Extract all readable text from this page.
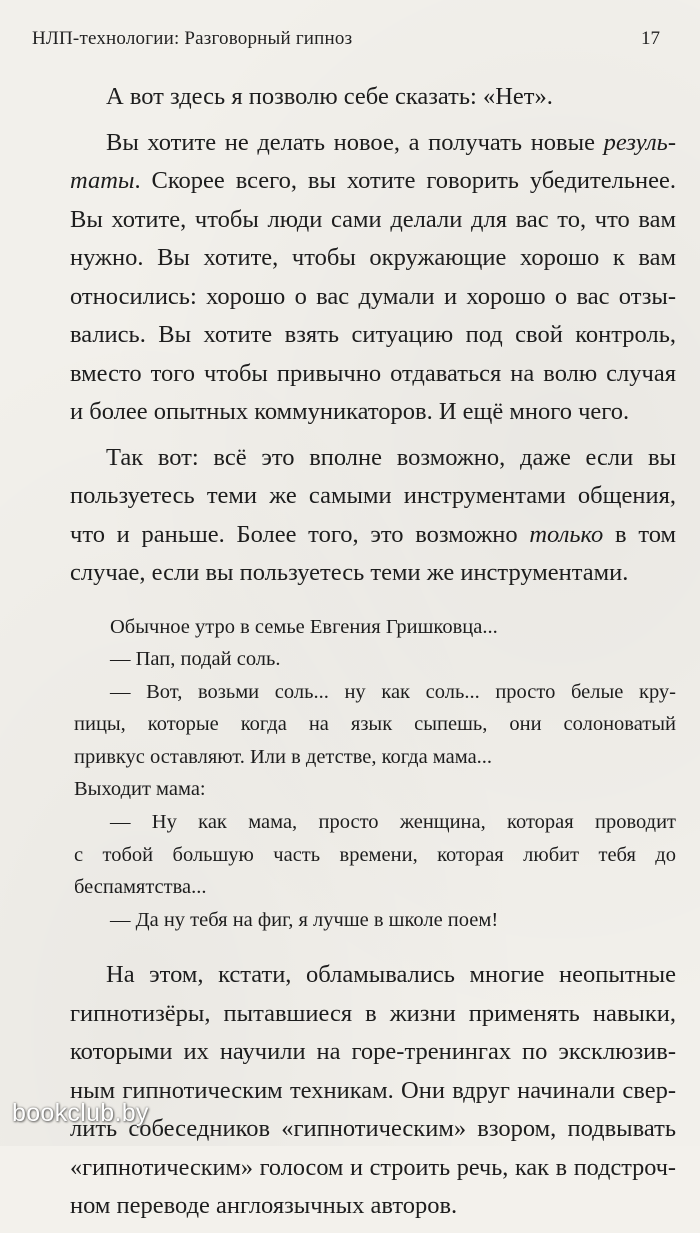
НЛП-технологии: Разговорный гипноз	17
А вот здесь я позволю себе сказать: «Нет».
Вы хотите не делать новое, а получать новые резуль-
таты. Скорее всего, вы хотите говорить убедительнее.
Вы хотите, чтобы люди сами делали для вас то, что вам
нужно. Вы хотите, чтобы окружающие хорошо к вам
относились: хорошо о вас думали и хорошо о вас отзы-
вались. Вы хотите взять ситуацию под свой контроль,
вместо того чтобы привычно отдаваться на волю случая
и более опытных коммуникаторов. И ещё много чего.
Так вот: всё это вполне возможно, даже если вы
пользуетесь теми же самыми инструментами общения,
что и раньше. Более того, это возможно только в том
случае, если вы пользуетесь теми же инструментами.
Обычное утро в семье Евгения Гришковца...
— Пап, подай соль.
— Вот, возьми соль... ну как соль... просто белые кру-
пицы, которые когда на язык сыпешь, они солоноватый
привкус оставляют. Или в детстве, когда мама...
Выходит мама:
— Ну как мама, просто женщина, которая проводит
с тобой большую часть времени, которая любит тебя до
беспамятства...
— Да ну тебя на фиг, я лучше в школе поем!
На этом, кстати, обламывались многие неопытные
гипнотизёры, пытавшиеся в жизни применять навыки,
которыми их научили на горе-тренингах по эксклюзив-
ным гипнотическим техникам. Они вдруг начинали свер-
лить собеседников «гипнотическим» взором, подвывать
«гипнотическим» голосом и строить речь, как в подстроч-
ном переводе англоязычных авторов.
bookclub.by
